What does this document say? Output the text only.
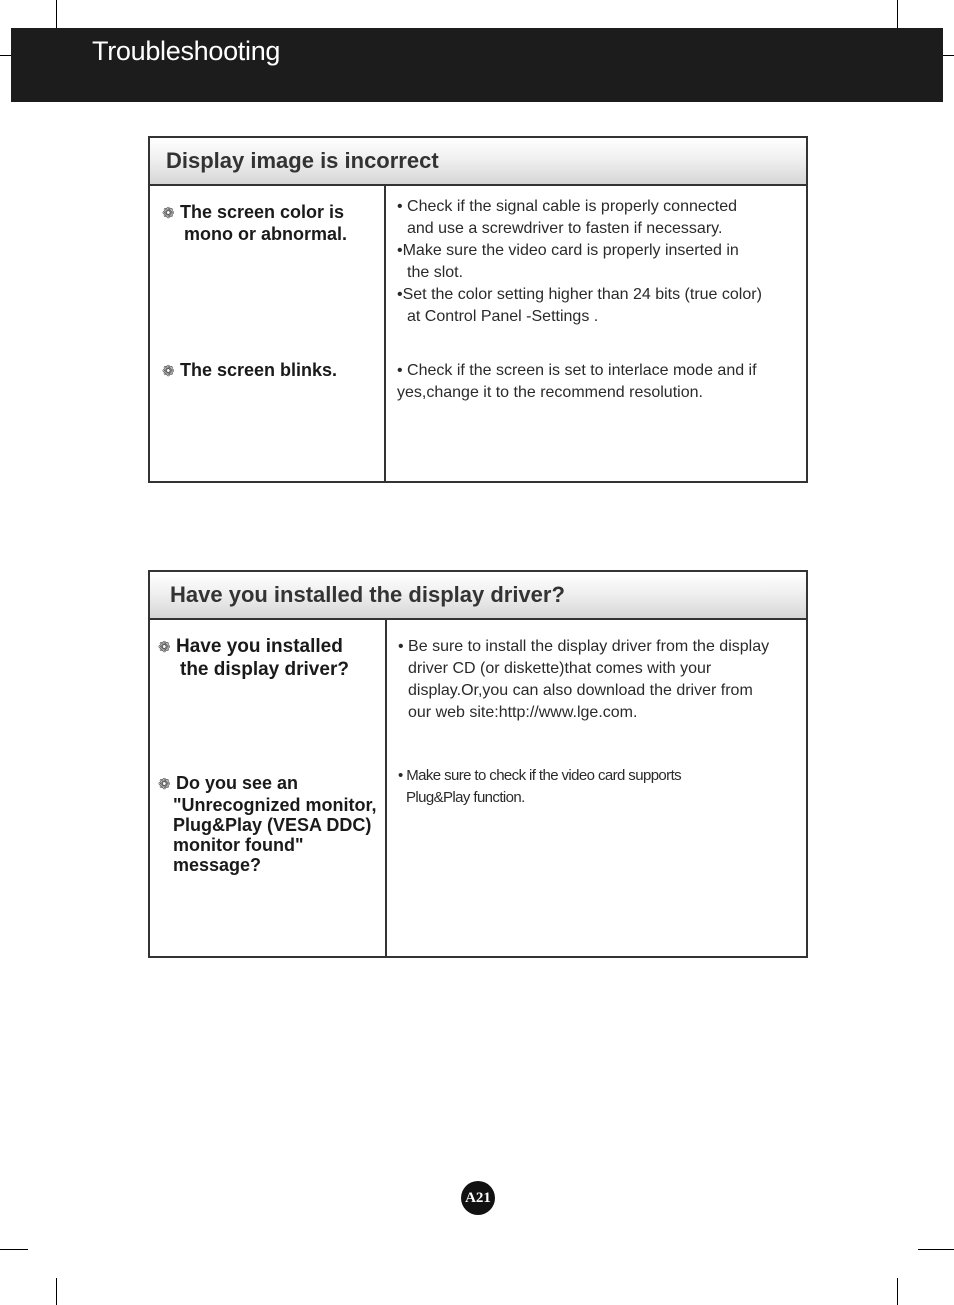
Troubleshooting
Display image is incorrect
❁ The screen color is
mono or abnormal.
• Check if the signal cable is properly connected
and use a screwdriver to fasten if necessary.
•Make sure the video card is properly inserted in
the slot.
•Set the color setting higher than 24 bits (true color)
at Control Panel -Settings .
❁ The screen blinks.	• Check if the screen is set to interlace mode and if
yes,change it to the recommend resolution.
Have you installed the display driver?
❁ Have you installed
the display driver?
• Be sure to install the display driver from the display
driver CD (or diskette)that comes with your
display.Or,you can also download the driver from
our web site:http://www.lge.com.
❁ Do you see an
"Unrecognized monitor,
Plug&Play (VESA DDC)
monitor found"
message?
• Make sure to check if the video card supports
Plug&Play function.
A21
